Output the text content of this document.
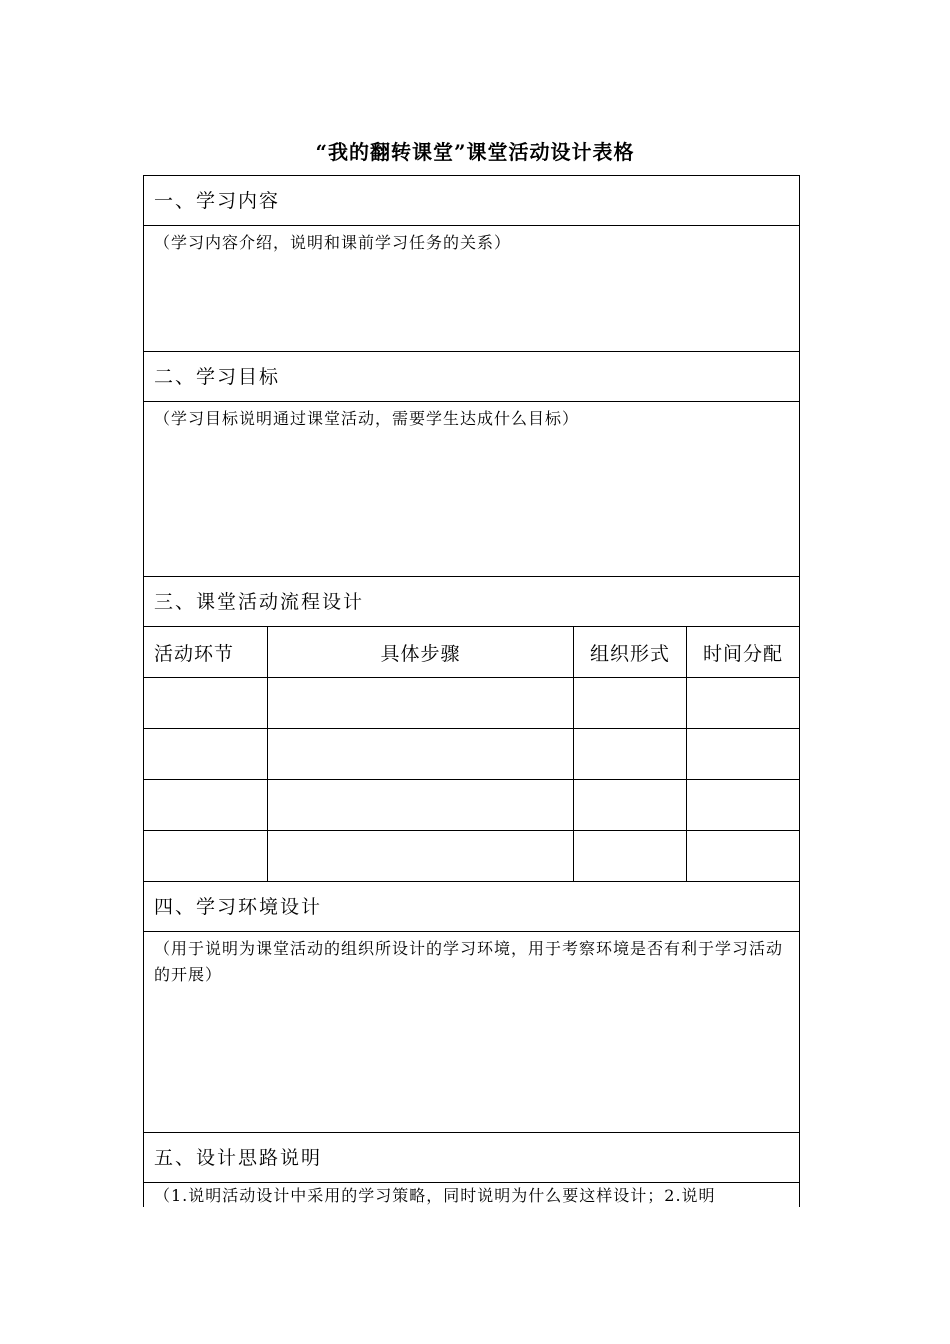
“我的翻转课堂”课堂活动设计表格
一、学习内容
（学习内容介绍，说明和课前学习任务的关系）
二、学习目标
（学习目标说明通过课堂活动，需要学生达成什么目标）
三、课堂活动流程设计
活动环节	具体步骤	组织形式	时间分配
四、学习环境设计
（用于说明为课堂活动的组织所设计的学习环境，用于考察环境是否有利于学习活动的开展）
五、设计思路说明
（1.说明活动设计中采用的学习策略，同时说明为什么要这样设计；2.说明
